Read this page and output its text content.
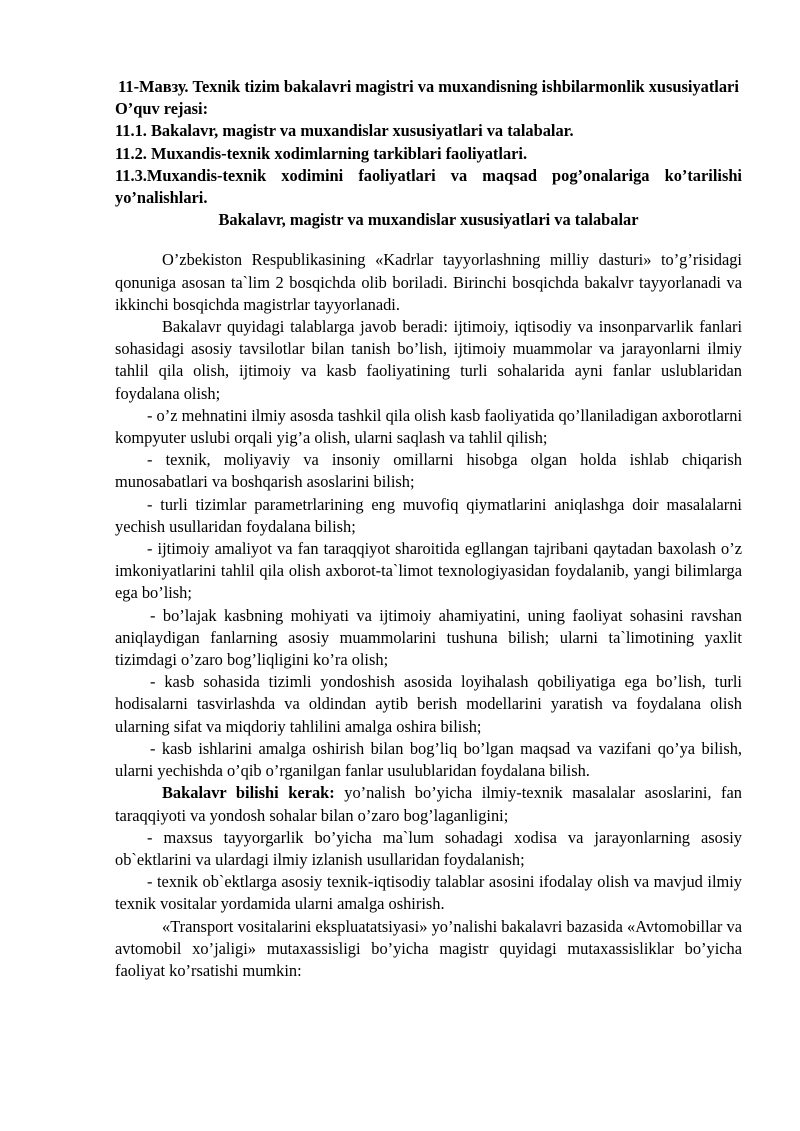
11-Мавзу. Texnik tizim bakalavri magistri va muxandisning ishbilarmonlik xususiyatlari

O’quv rejasi:

11.1. Bakalavr, magistr va muxandislar xususiyatlari va talabalar.

11.2. Muxandis-texnik xodimlarning tarkiblari faoliyatlari.

11.3.Muxandis-texnik xodimini faoliyatlari va maqsad pog’onalariga ko’tarilishi yo’nalishlari.

Bakalavr, magistr va muxandislar xususiyatlari va talabalar

O’zbekiston Respublikasining «Kadrlar tayyorlashning milliy dasturi» to’g’risidagi qonuniga asosan ta`lim 2 bosqichda olib boriladi. Birinchi bosqichda bakalvr tayyorlanadi va ikkinchi bosqichda magistrlar tayyorlanadi.

Bakalavr quyidagi talablarga javob beradi: ijtimoiy, iqtisodiy va insonparvarlik fanlari sohasidagi asosiy tavsilotlar bilan tanish bo’lish, ijtimoiy muammolar va jarayonlarni ilmiy tahlil qila olish, ijtimoiy va kasb faoliyatining turli sohalarida ayni fanlar uslublaridan foydalana olish;

- o’z mehnatini ilmiy asosda tashkil qila olish kasb faoliyatida qo’llaniladigan axborotlarni kompyuter uslubi orqali yig’a olish, ularni saqlash va tahlil qilish;

- texnik, moliyaviy va insoniy omillarni hisobga olgan holda ishlab chiqarish munosabatlari va boshqarish asoslarini bilish;

- turli tizimlar parametrlarining eng muvofiq qiymatlarini aniqlashga doir masalalarni yechish usullaridan foydalana bilish;

- ijtimoiy amaliyot va fan taraqqiyot sharoitida egllangan tajribani qaytadan baxolash o’z imkoniyatlarini tahlil qila olish axborot-ta`limot texnologiyasidan foydalanib, yangi bilimlarga ega bo’lish;

- bo’lajak kasbning mohiyati va ijtimoiy ahamiyatini, uning faoliyat sohasini ravshan aniqlaydigan fanlarning asosiy muammolarini tushuna bilish; ularni ta`limotining yaxlit tizimdagi o’zaro bog’liqligini ko’ra olish;

- kasb sohasida tizimli yondoshish asosida loyihalash qobiliyatiga ega bo’lish, turli hodisalarni tasvirlashda va oldindan aytib berish modellarini yaratish va foydalana olish ularning sifat va miqdoriy tahlilini amalga oshira bilish;

- kasb ishlarini amalga oshirish bilan bog’liq bo’lgan maqsad va vazifani qo’ya bilish, ularni yechishda o’qib o’rganilgan fanlar usulublaridan foydalana bilish.

Bakalavr bilishi kerak: yo’nalish bo’yicha ilmiy-texnik masalalar asoslarini, fan taraqqiyoti va yondosh sohalar bilan o’zaro bog’laganligini;

- maxsus tayyorgarlik bo’yicha ma`lum sohadagi xodisa va jarayonlarning asosiy ob`ektlarini va ulardagi ilmiy izlanish usullaridan foydalanish;

- texnik ob`ektlarga asosiy texnik-iqtisodiy talablar asosini ifodalay olish va mavjud ilmiy texnik vositalar yordamida ularni amalga oshirish.

«Transport vositalarini ekspluatatsiyasi» yo’nalishi bakalavri bazasida «Avtomobillar va avtomobil xo’jaligi» mutaxassisligi bo’yicha magistr quyidagi mutaxassisliklar bo’yicha faoliyat ko’rsatishi mumkin:
